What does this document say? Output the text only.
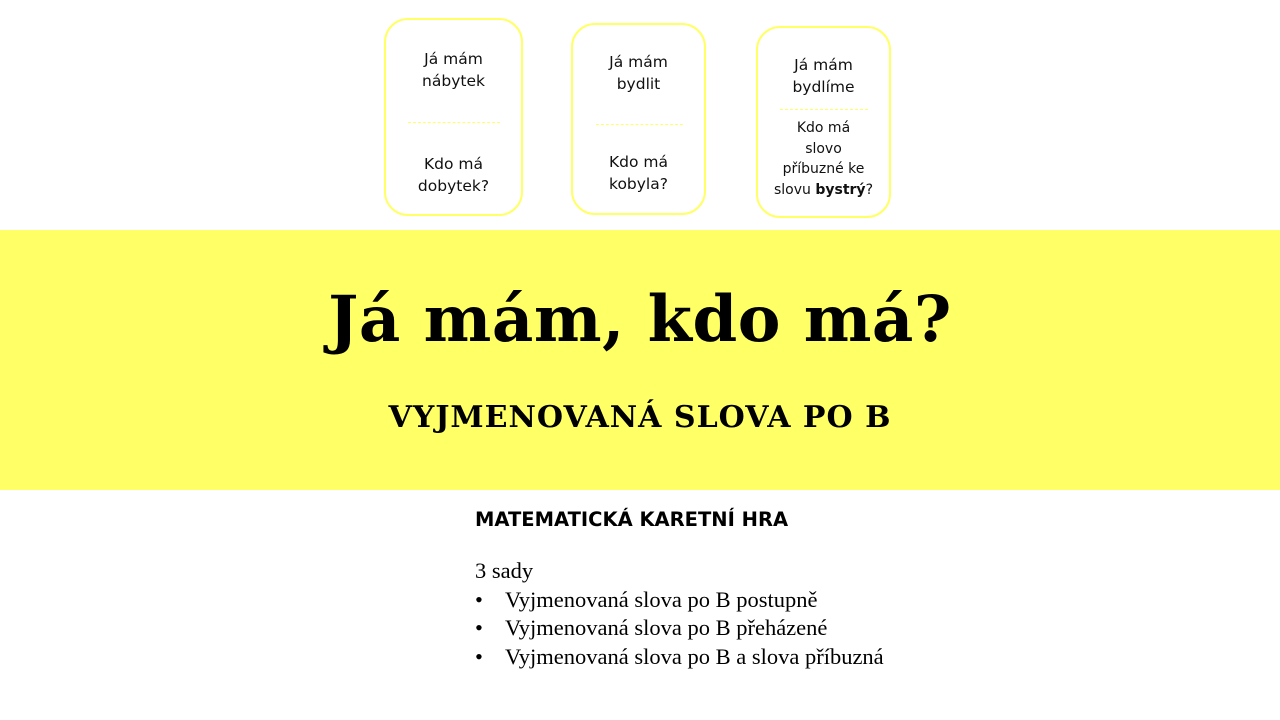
Já mám
nábytek
Kdo má
dobytek?
Já mám
bydlit
Kdo má
kobyla?
Já mám
bydlíme
Kdo má
slovo
příbuzné ke
slovu bystrý?
Já mám, kdo má?
VYJMENOVANÁ SLOVA PO B
MATEMATICKÁ KARETNÍ HRA
3 sady
• Vyjmenovaná slova po B postupně
• Vyjmenovaná slova po B přeházené
• Vyjmenovaná slova po B a slova příbuzná
